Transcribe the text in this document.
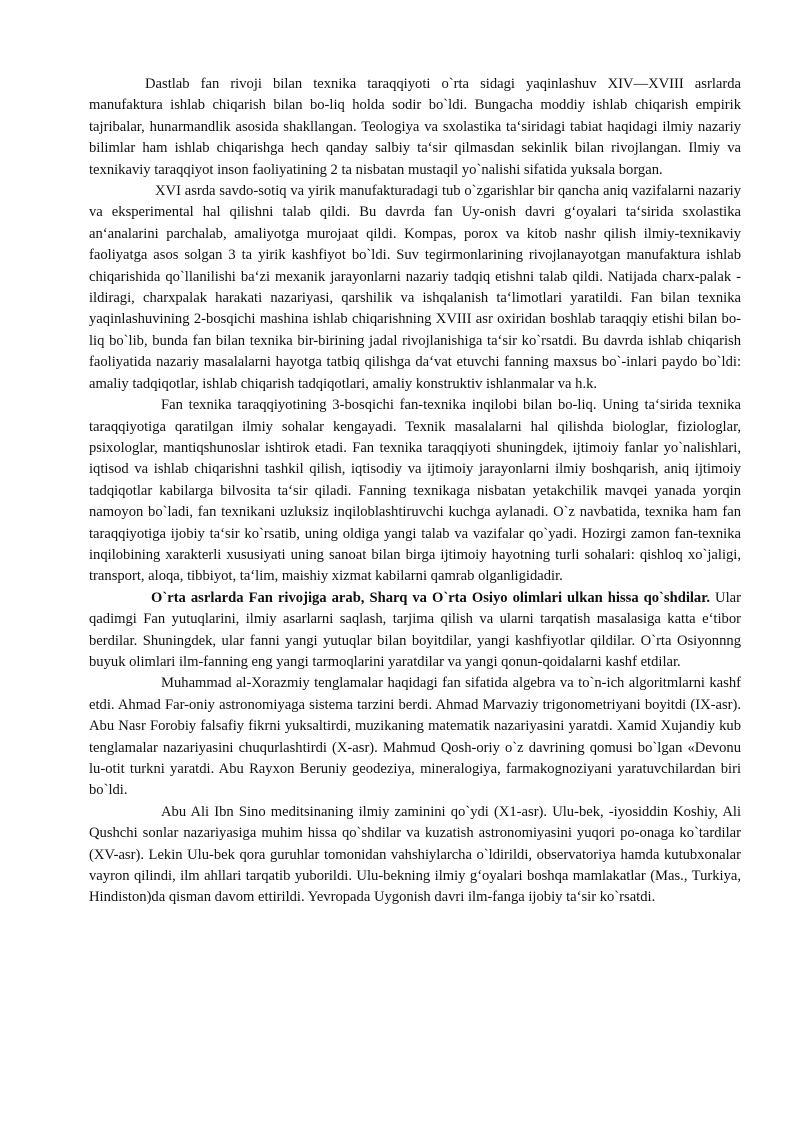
Dastlab fan rivoji bilan texnika taraqqiyoti o`rta sidagi yaqinlashuv XIV—XVIII asrlarda manufaktura ishlab chiqarish bilan bo-liq holda sodir bo`ldi. Bungacha moddiy ishlab chiqarish empirik tajribalar, hunarmandlik asosida shakllangan. Teologiya va sxolastika ta‘siridagi tabiat haqidagi ilmiy nazariy bilimlar ham ishlab chiqarishga hech qanday salbiy ta‘sir qilmasdan sekinlik bilan rivojlangan. Ilmiy va texnikaviy taraqqiyot inson faoliyatining 2 ta nisbatan mustaqil yo`nalishi sifatida yuksala borgan.

XVI asrda savdo-sotiq va yirik manufakturadagi tub o`zgarishlar bir qancha aniq vazifalarni nazariy va eksperimental hal qilishni talab qildi. Bu davrda fan Uy-onish davri g‘oyalari ta‘sirida sxolastika an‘analarini parchalab, amaliyotga murojaat qildi. Kompas, porox va kitob nashr qilish ilmiy-texnikaviy faoliyatga asos solgan 3 ta yirik kashfiyot bo`ldi. Suv tegirmonlarining rivojlanayotgan manufaktura ishlab chiqarishida qo`llanilishi ba‘zi mexanik jarayonlarni nazariy tadqiq etishni talab qildi. Natijada charx-palak -ildiragi, charxpalak harakati nazariyasi, qarshilik va ishqalanish ta‘limotlari yaratildi. Fan bilan texnika yaqinlashuvining 2-bosqichi mashina ishlab chiqarishning XVIII asr oxiridan boshlab taraqqiy etishi bilan bo-liq bo`lib, bunda fan bilan texnika bir-birining jadal rivojlanishiga ta‘sir ko`rsatdi. Bu davrda ishlab chiqarish faoliyatida nazariy masalalarni hayotga tatbiq qilishga da‘vat etuvchi fanning maxsus bo`-inlari paydo bo`ldi: amaliy tadqiqotlar, ishlab chiqarish tadqiqotlari, amaliy konstruktiv ishlanmalar va h.k.

Fan texnika taraqqiyotining 3-bosqichi fan-texnika inqilobi bilan bo-liq. Uning ta‘sirida texnika taraqqiyotiga qaratilgan ilmiy sohalar kengayadi. Texnik masalalarni hal qilishda biologlar, fiziologlar, psixologlar, mantiqshunoslar ishtirok etadi. Fan texnika taraqqiyoti shuningdek, ijtimoiy fanlar yo`nalishlari, iqtisod va ishlab chiqarishni tashkil qilish, iqtisodiy va ijtimoiy jarayonlarni ilmiy boshqarish, aniq ijtimoiy tadqiqotlar kabilarga bilvosita ta‘sir qiladi. Fanning texnikaga nisbatan yetakchilik mavqei yanada yorqin namoyon bo`ladi, fan texnikani uzluksiz inqiloblashtiruvchi kuchga aylanadi. O`z navbatida, texnika ham fan taraqqiyotiga ijobiy ta‘sir ko`rsatib, uning oldiga yangi talab va vazifalar qo`yadi. Hozirgi zamon fan-texnika inqilobining xarakterli xususiyati uning sanoat bilan birga ijtimoiy hayotning turli sohalari: qishloq xo`jaligi, transport, aloqa, tibbiyot, ta‘lim, maishiy xizmat kabilarni qamrab olganligidadir.

O`rta asrlarda Fan rivojiga arab, Sharq va O`rta Osiyo olimlari ulkan hissa qo`shdilar. Ular qadimgi Fan yutuqlarini, ilmiy asarlarni saqlash, tarjima qilish va ularni tarqatish masalasiga katta e‘tibor berdilar. Shuningdek, ular fanni yangi yutuqlar bilan boyitdilar, yangi kashfiyotlar qildilar. O`rta Osiyonnng buyuk olimlari ilm-fanning eng yangi tarmoqlarini yaratdilar va yangi qonun-qoidalarni kashf etdilar.

Muhammad al-Xorazmiy tenglamalar haqidagi fan sifatida algebra va to`n-ich algoritmlarni kashf etdi. Ahmad Far-oniy astronomiyaga sistema tarzini berdi. Ahmad Marvaziy trigonometriyani boyitdi (IX-asr). Abu Nasr Forobiy falsafiy fikrni yuksaltirdi, muzikaning matematik nazariyasini yaratdi. Xamid Xujandiy kub tenglamalar nazariyasini chuqurlashtirdi (X-asr). Mahmud Qosh-oriy o`z davrining qomusi bo`lgan «Devonu lu-otit turkni yaratdi. Abu Rayxon Beruniy geodeziya, mineralogiya, farmakognoziyani yaratuvchilardan biri bo`ldi.

Abu Ali Ibn Sino meditsinaning ilmiy zaminini qo`ydi (X1-asr). Ulu-bek, -iyosiddin Koshiy, Ali Qushchi sonlar nazariyasiga muhim hissa qo`shdilar va kuzatish astronomiyasini yuqori po-onaga ko`tardilar (XV-asr). Lekin Ulu-bek qora guruhlar tomonidan vahshiylarcha o`ldirildi, observatoriya hamda kutubxonalar vayron qilindi, ilm ahllari tarqatib yuborildi. Ulu-bekning ilmiy g‘oyalari boshqa mamlakatlar (Mas., Turkiya, Hindiston)da qisman davom ettirildi. Yevropada Uygonish davri ilm-fanga ijobiy ta‘sir ko`rsatdi.
